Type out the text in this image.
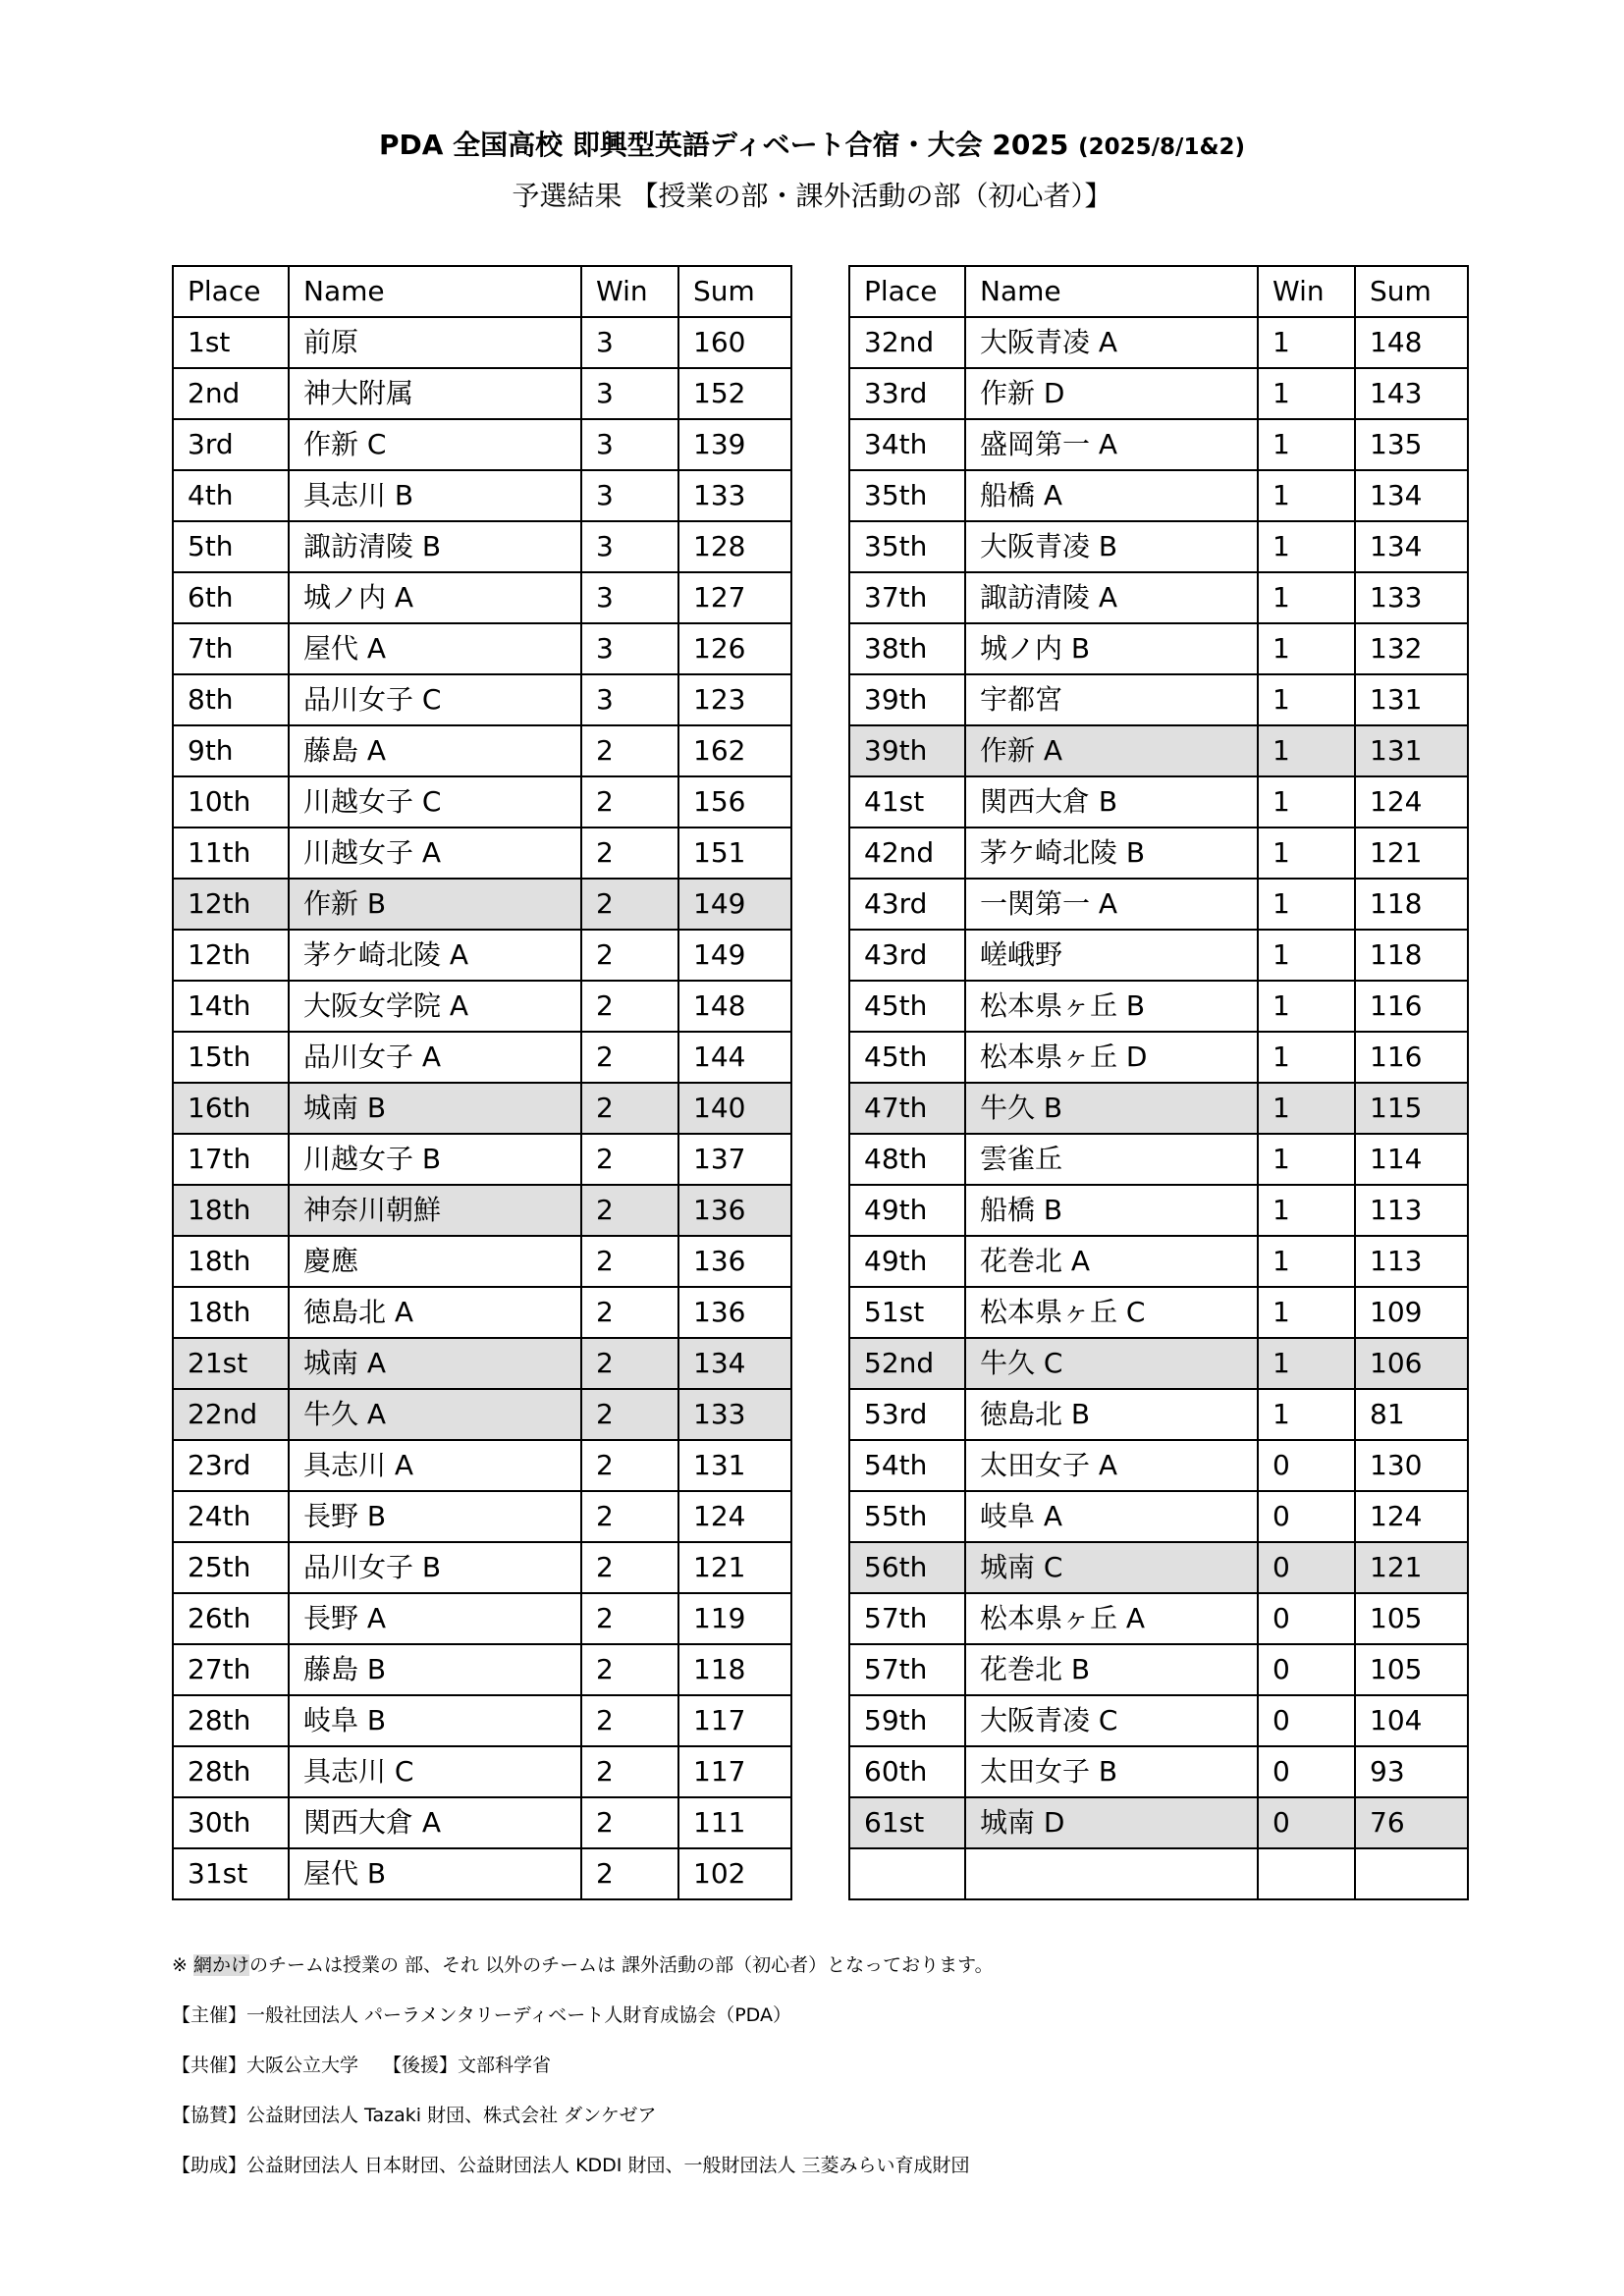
PDA 全国高校 即興型英語ディベート合宿・大会 2025 (2025/8/1&2)
予選結果 【授業の部・課外活動の部（初心者）】
Place	Name	Win	Sum
1st	前原	3	160
2nd	神大附属	3	152
3rd	作新 C	3	139
4th	具志川 B	3	133
5th	諏訪清陵 B	3	128
6th	城ノ内 A	3	127
7th	屋代 A	3	126
8th	品川女子 C	3	123
9th	藤島 A	2	162
10th	川越女子 C	2	156
11th	川越女子 A	2	151
12th	作新 B	2	149
12th	茅ケ崎北陵 A	2	149
14th	大阪女学院 A	2	148
15th	品川女子 A	2	144
16th	城南 B	2	140
17th	川越女子 B	2	137
18th	神奈川朝鮮	2	136
18th	慶應	2	136
18th	徳島北 A	2	136
21st	城南 A	2	134
22nd	牛久 A	2	133
23rd	具志川 A	2	131
24th	長野 B	2	124
25th	品川女子 B	2	121
26th	長野 A	2	119
27th	藤島 B	2	118
28th	岐阜 B	2	117
28th	具志川 C	2	117
30th	関西大倉 A	2	111
31st	屋代 B	2	102
Place	Name	Win	Sum
32nd	大阪青凌 A	1	148
33rd	作新 D	1	143
34th	盛岡第一 A	1	135
35th	船橋 A	1	134
35th	大阪青凌 B	1	134
37th	諏訪清陵 A	1	133
38th	城ノ内 B	1	132
39th	宇都宮	1	131
39th	作新 A	1	131
41st	関西大倉 B	1	124
42nd	茅ケ崎北陵 B	1	121
43rd	一関第一 A	1	118
43rd	嵯峨野	1	118
45th	松本県ヶ丘 B	1	116
45th	松本県ヶ丘 D	1	116
47th	牛久 B	1	115
48th	雲雀丘	1	114
49th	船橋 B	1	113
49th	花巻北 A	1	113
51st	松本県ヶ丘 C	1	109
52nd	牛久 C	1	106
53rd	徳島北 B	1	81
54th	太田女子 A	0	130
55th	岐阜 A	0	124
56th	城南 C	0	121
57th	松本県ヶ丘 A	0	105
57th	花巻北 B	0	105
59th	大阪青凌 C	0	104
60th	太田女子 B	0	93
61st	城南 D	0	76

※ 網かけのチームは授業の 部、それ 以外のチームは 課外活動の部（初心者）となっております。

【主催】一般社団法人 パーラメンタリーディベート人財育成協会（PDA）

【共催】大阪公立大学　 【後援】文部科学省

【協賛】公益財団法人 Tazaki 財団、株式会社 ダンケゼア

【助成】公益財団法人 日本財団、公益財団法人 KDDI 財団、一般財団法人 三菱みらい育成財団
